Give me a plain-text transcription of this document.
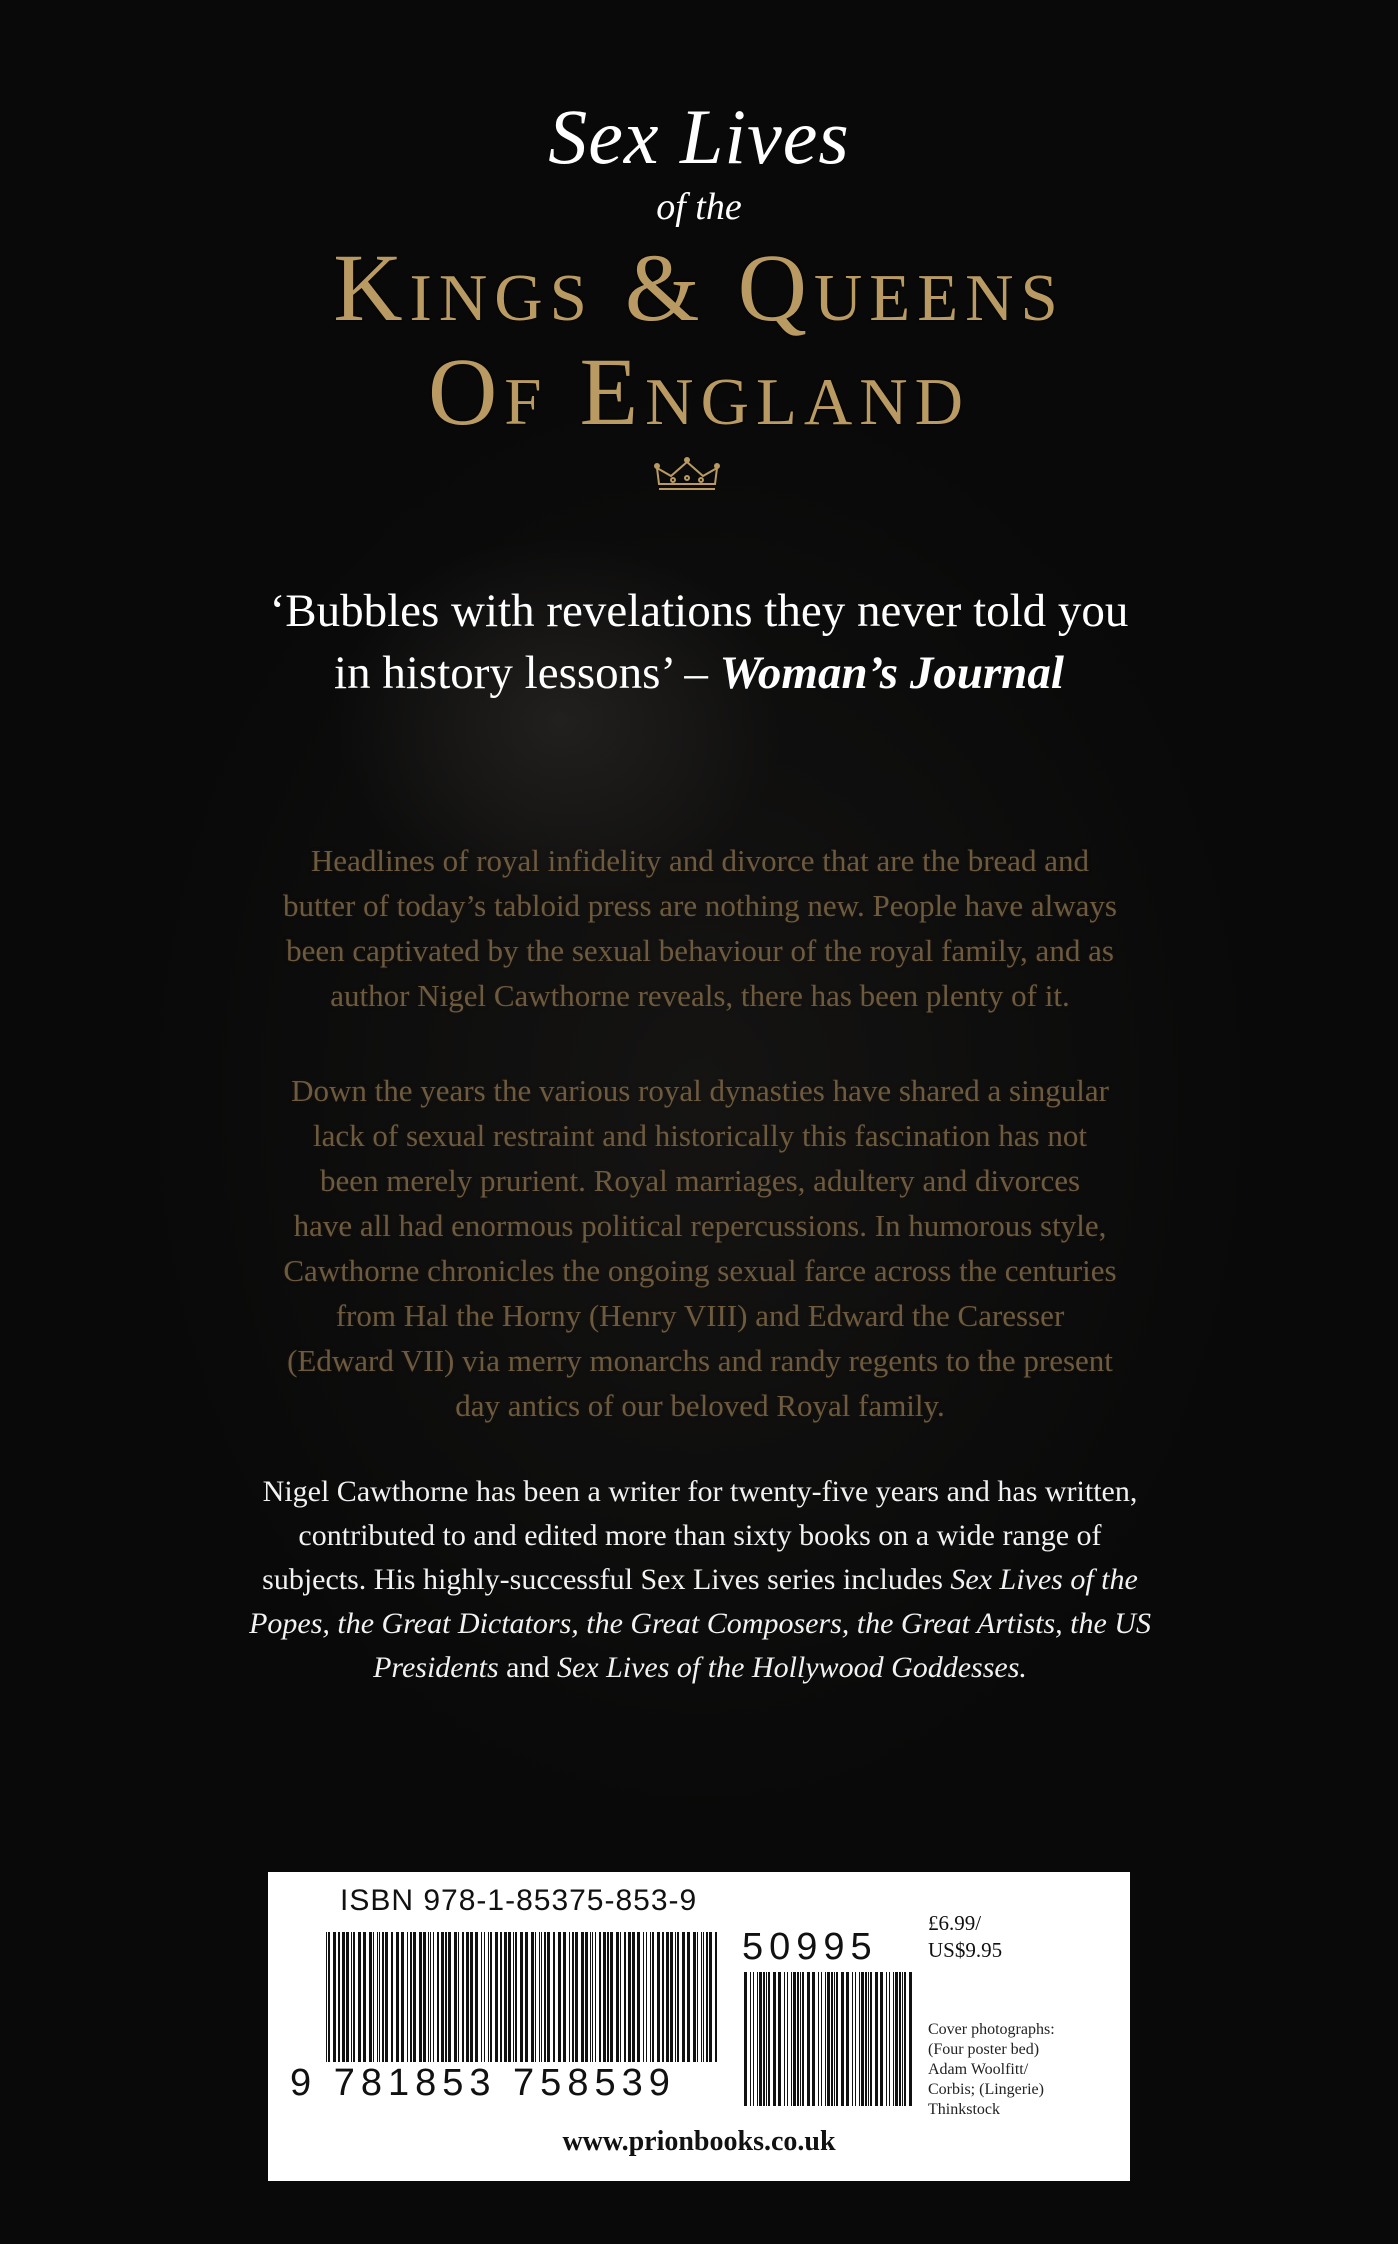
Sex Lives
of the
Kings & Queens
Of England
‘Bubbles with revelations they never told you
in history lessons’ – Woman’s Journal
Headlines of royal infidelity and divorce that are the bread and
butter of today’s tabloid press are nothing new. People have always
been captivated by the sexual behaviour of the royal family, and as
author Nigel Cawthorne reveals, there has been plenty of it.
Down the years the various royal dynasties have shared a singular
lack of sexual restraint and historically this fascination has not
been merely prurient. Royal marriages, adultery and divorces
have all had enormous political repercussions. In humorous style,
Cawthorne chronicles the ongoing sexual farce across the centuries
from Hal the Horny (Henry VIII) and Edward the Caresser
(Edward VII) via merry monarchs and randy regents to the present
day antics of our beloved Royal family.
Nigel Cawthorne has been a writer for twenty-five years and has written,
contributed to and edited more than sixty books on a wide range of
subjects. His highly-successful Sex Lives series includes Sex Lives of the
Popes, the Great Dictators, the Great Composers, the Great Artists, the US
Presidents and Sex Lives of the Hollywood Goddesses.
ISBN 978-1-85375-853-9
9 781853 758539
50995
£6.99/
US$9.95
Cover photographs:
(Four poster bed)
Adam Woolfitt/
Corbis; (Lingerie)
Thinkstock
www.prionbooks.co.uk
